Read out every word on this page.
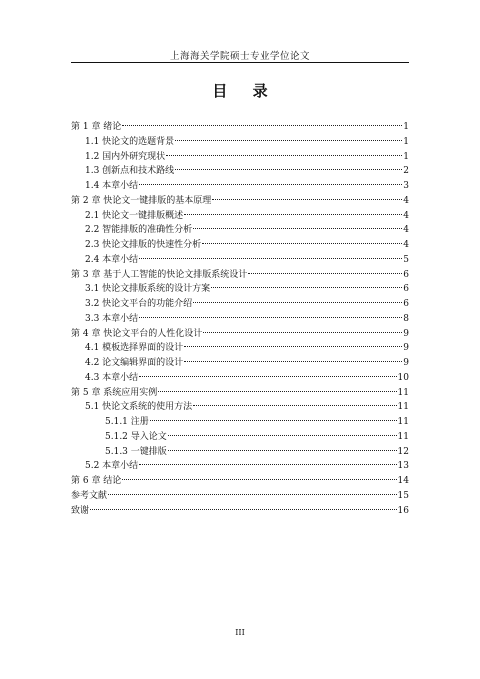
上海海关学院硕士专业学位论文
目 录
第 1 章 绪论	1
1.1 快论文的选题背景	1
1.2 国内外研究现状	1
1.3 创新点和技术路线	2
1.4 本章小结	3
第 2 章 快论文一键排版的基本原理	4
2.1 快论文一键排版概述	4
2.2 智能排版的准确性分析	4
2.3 快论文排版的快速性分析	4
2.4 本章小结	5
第 3 章 基于人工智能的快论文排版系统设计	6
3.1 快论文排版系统的设计方案	6
3.2 快论文平台的功能介绍	6
3.3 本章小结	8
第 4 章 快论文平台的人性化设计	9
4.1 模板选择界面的设计	9
4.2 论文编辑界面的设计	9
4.3 本章小结	10
第 5 章 系统应用实例	11
5.1 快论文系统的使用方法	11
5.1.1 注册	11
5.1.2 导入论文	11
5.1.3 一键排版	12
5.2 本章小结	13
第 6 章 结论	14
参考文献	15
致谢	16
III
